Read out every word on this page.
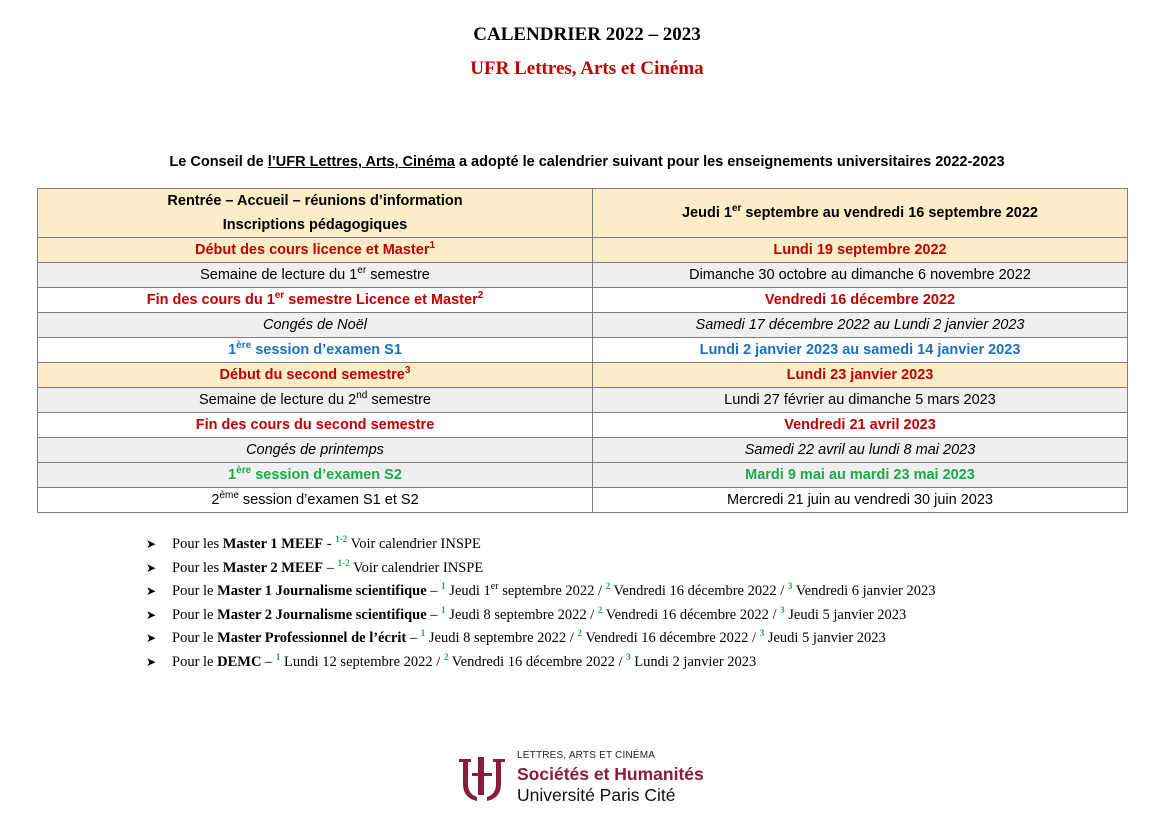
CALENDRIER 2022 – 2023
UFR Lettres, Arts et Cinéma
Le Conseil de l’UFR Lettres, Arts, Cinéma a adopté le calendrier suivant pour les enseignements universitaires 2022-2023
Rentrée – Accueil – réunions d’information
Inscriptions pédagogiques	Jeudi 1er septembre au vendredi 16 septembre 2022
Début des cours licence et Master$^1$	Lundi 19 septembre 2022
Semaine de lecture du 1er semestre	Dimanche 30 octobre au dimanche 6 novembre 2022
Fin des cours du 1er semestre Licence et Master$^2$	Vendredi 16 décembre 2022
Congés de Noël	Samedi 17 décembre 2022 au Lundi 2 janvier 2023
1ère session d’examen S1	Lundi 2 janvier 2023 au samedi 14 janvier 2023
Début du second semestre$^3$	Lundi 23 janvier 2023
Semaine de lecture du 2nd semestre	Lundi 27 février au dimanche 5 mars 2023
Fin des cours du second semestre	Vendredi 21 avril 2023
Congés de printemps	Samedi 22 avril au lundi 8 mai 2023
1ère session d’examen S2	Mardi 9 mai au mardi 23 mai 2023
2ème session d’examen S1 et S2	Mercredi 21 juin au vendredi 30 juin 2023
➤ Pour les Master 1 MEEF - $^{1-2}$ Voir calendrier INSPE
➤ Pour les Master 2 MEEF – $^{1-2}$ Voir calendrier INSPE
➤ Pour le Master 1 Journalisme scientifique – $^1$ Jeudi 1er septembre 2022 / $^2$ Vendredi 16 décembre 2022 / $^3$ Vendredi 6 janvier 2023
➤ Pour le Master 2 Journalisme scientifique – $^1$ Jeudi 8 septembre 2022 / $^2$ Vendredi 16 décembre 2022 / $^3$ Jeudi 5 janvier 2023
➤ Pour le Master Professionnel de l’écrit – $^1$ Jeudi 8 septembre 2022 / $^2$ Vendredi 16 décembre 2022 / $^3$ Jeudi 5 janvier 2023
➤ Pour le DEMC – $^1$ Lundi 12 septembre 2022 / $^2$ Vendredi 16 décembre 2022 / $^3$ Lundi 2 janvier 2023
LETTRES, ARTS ET CINÉMA
Sociétés et Humanités
Université Paris Cité
